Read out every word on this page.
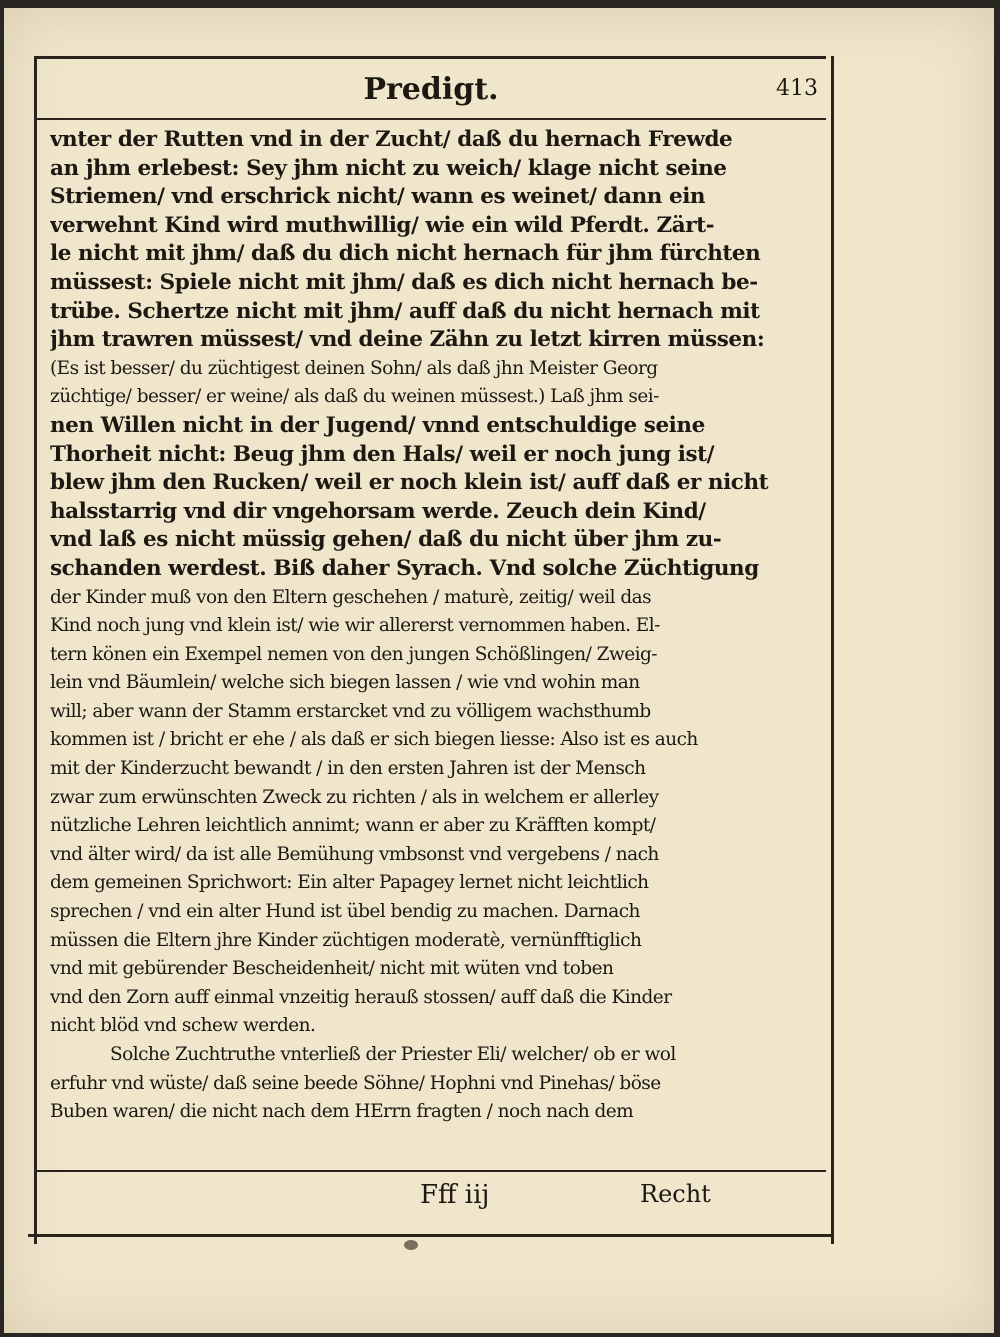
Predigt.	413
vnter der Rutten vnd in der Zucht/ daß du hernach Frewde
an jhm erlebest: Sey jhm nicht zu weich/ klage nicht seine
Striemen/ vnd erschrick nicht/ wann es weinet/ dann ein
verwehnt Kind wird muthwillig/ wie ein wild Pferdt. Zärt-
le nicht mit jhm/ daß du dich nicht hernach für jhm fürchten
müssest: Spiele nicht mit jhm/ daß es dich nicht hernach be-
trübe. Schertze nicht mit jhm/ auff daß du nicht hernach mit
jhm trawren müssest/ vnd deine Zähn zu letzt kirren müssen:
(Es ist besser/ du züchtigest deinen Sohn/ als daß jhn Meister Georg
züchtige/ besser/ er weine/ als daß du weinen müssest.) Laß jhm sei-
nen Willen nicht in der Jugend/ vnnd entschuldige seine
Thorheit nicht: Beug jhm den Hals/ weil er noch jung ist/
blew jhm den Rucken/ weil er noch klein ist/ auff daß er nicht
halsstarrig vnd dir vngehorsam werde. Zeuch dein Kind/
vnd laß es nicht müssig gehen/ daß du nicht über jhm zu-
schanden werdest. Biß daher Syrach. Vnd solche Züchtigung
der Kinder muß von den Eltern geschehen / maturè, zeitig/ weil das
Kind noch jung vnd klein ist/ wie wir allererst vernommen haben. El-
tern könen ein Exempel nemen von den jungen Schößlingen/ Zweig-
lein vnd Bäumlein/ welche sich biegen lassen / wie vnd wohin man
will; aber wann der Stamm erstarcket vnd zu völligem wachsthumb
kommen ist / bricht er ehe / als daß er sich biegen liesse: Also ist es auch
mit der Kinderzucht bewandt / in den ersten Jahren ist der Mensch
zwar zum erwünschten Zweck zu richten / als in welchem er allerley
nützliche Lehren leichtlich annimt; wann er aber zu Kräfften kompt/
vnd älter wird/ da ist alle Bemühung vmbsonst vnd vergebens / nach
dem gemeinen Sprichwort: Ein alter Papagey lernet nicht leichtlich
sprechen / vnd ein alter Hund ist übel bendig zu machen. Darnach
müssen die Eltern jhre Kinder züchtigen moderatè, vernünfftiglich
vnd mit gebürender Bescheidenheit/ nicht mit wüten vnd toben
vnd den Zorn auff einmal vnzeitig herauß stossen/ auff daß die Kinder
nicht blöd vnd schew werden.
Solche Zuchtruthe vnterließ der Priester Eli/ welcher/ ob er wol
erfuhr vnd wüste/ daß seine beede Söhne/ Hophni vnd Pinehas/ böse
Buben waren/ die nicht nach dem HErrn fragten / noch nach dem
Fff iij	Recht
